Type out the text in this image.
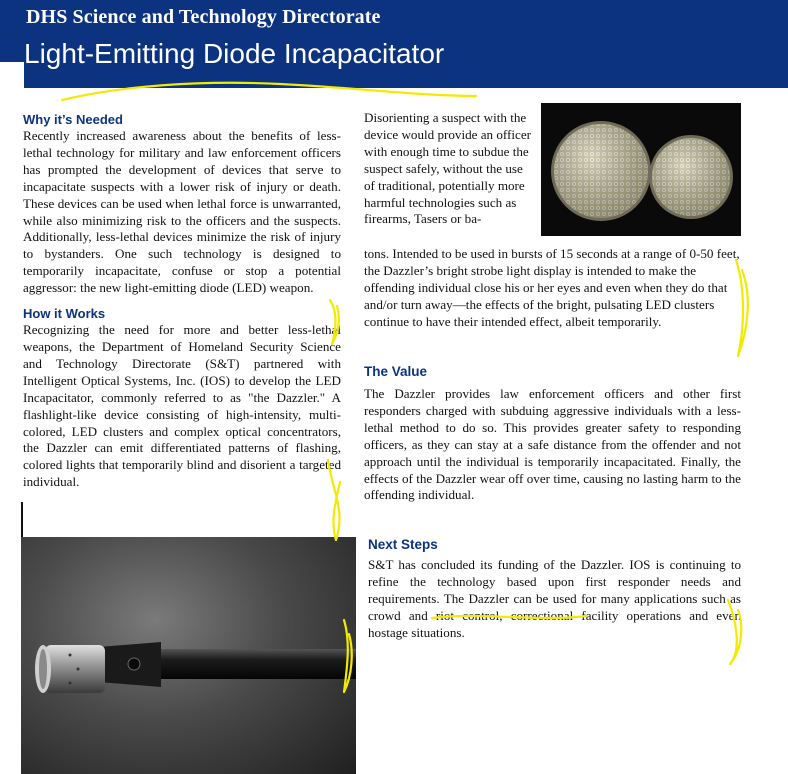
DHS Science and Technology Directorate
Light-Emitting Diode Incapacitator
Why it’s Needed

Recently increased awareness about the benefits of less-lethal technology for military and law enforcement officers has prompted the development of devices that serve to incapacitate suspects with a lower risk of injury or death. These devices can be used when lethal force is unwarranted, while also minimizing risk to the officers and the suspects. Additionally, less-lethal devices minimize the risk of injury to bystanders. One such technology is designed to temporarily incapacitate, confuse or stop a potential aggressor: the new light-emitting diode (LED) weapon.

How it Works

Recognizing the need for more and better less-lethal weapons, the Department of Homeland Security Science and Technology Directorate (S&T) partnered with Intelligent Optical Systems, Inc. (IOS) to develop the LED Incapacitator, commonly referred to as "the Dazzler." A flashlight-like device consisting of high-intensity, multi-colored, LED clusters and complex optical concentrators, the Dazzler can emit differentiated patterns of flashing, colored lights that temporarily blind and disorient a targeted individual.

Disorienting a suspect with the device would provide an officer with enough time to subdue the suspect safely, without the use of traditional, potentially more harmful technologies such as firearms, Tasers or ba-

tons. Intended to be used in bursts of 15 seconds at a range of 0-50 feet, the Dazzler’s bright strobe light display is intended to make the offending individual close his or her eyes and even when they do that and/or turn away—the effects of the bright, pulsating LED clusters continue to have their intended effect, albeit temporarily.

The Value

The Dazzler provides law enforcement officers and other first responders charged with subduing aggressive individuals with a less-lethal method to do so. This provides greater safety to responding officers, as they can stay at a safe distance from the offender and not approach until the individual is temporarily incapacitated. Finally, the effects of the Dazzler wear off over time, causing no lasting harm to the offending individual.

Next Steps

S&T has concluded its funding of the Dazzler. IOS is continuing to refine the technology based upon first responder needs and requirements. The Dazzler can be used for many applications such as crowd and riot control, correctional facility operations and even hostage situations.
